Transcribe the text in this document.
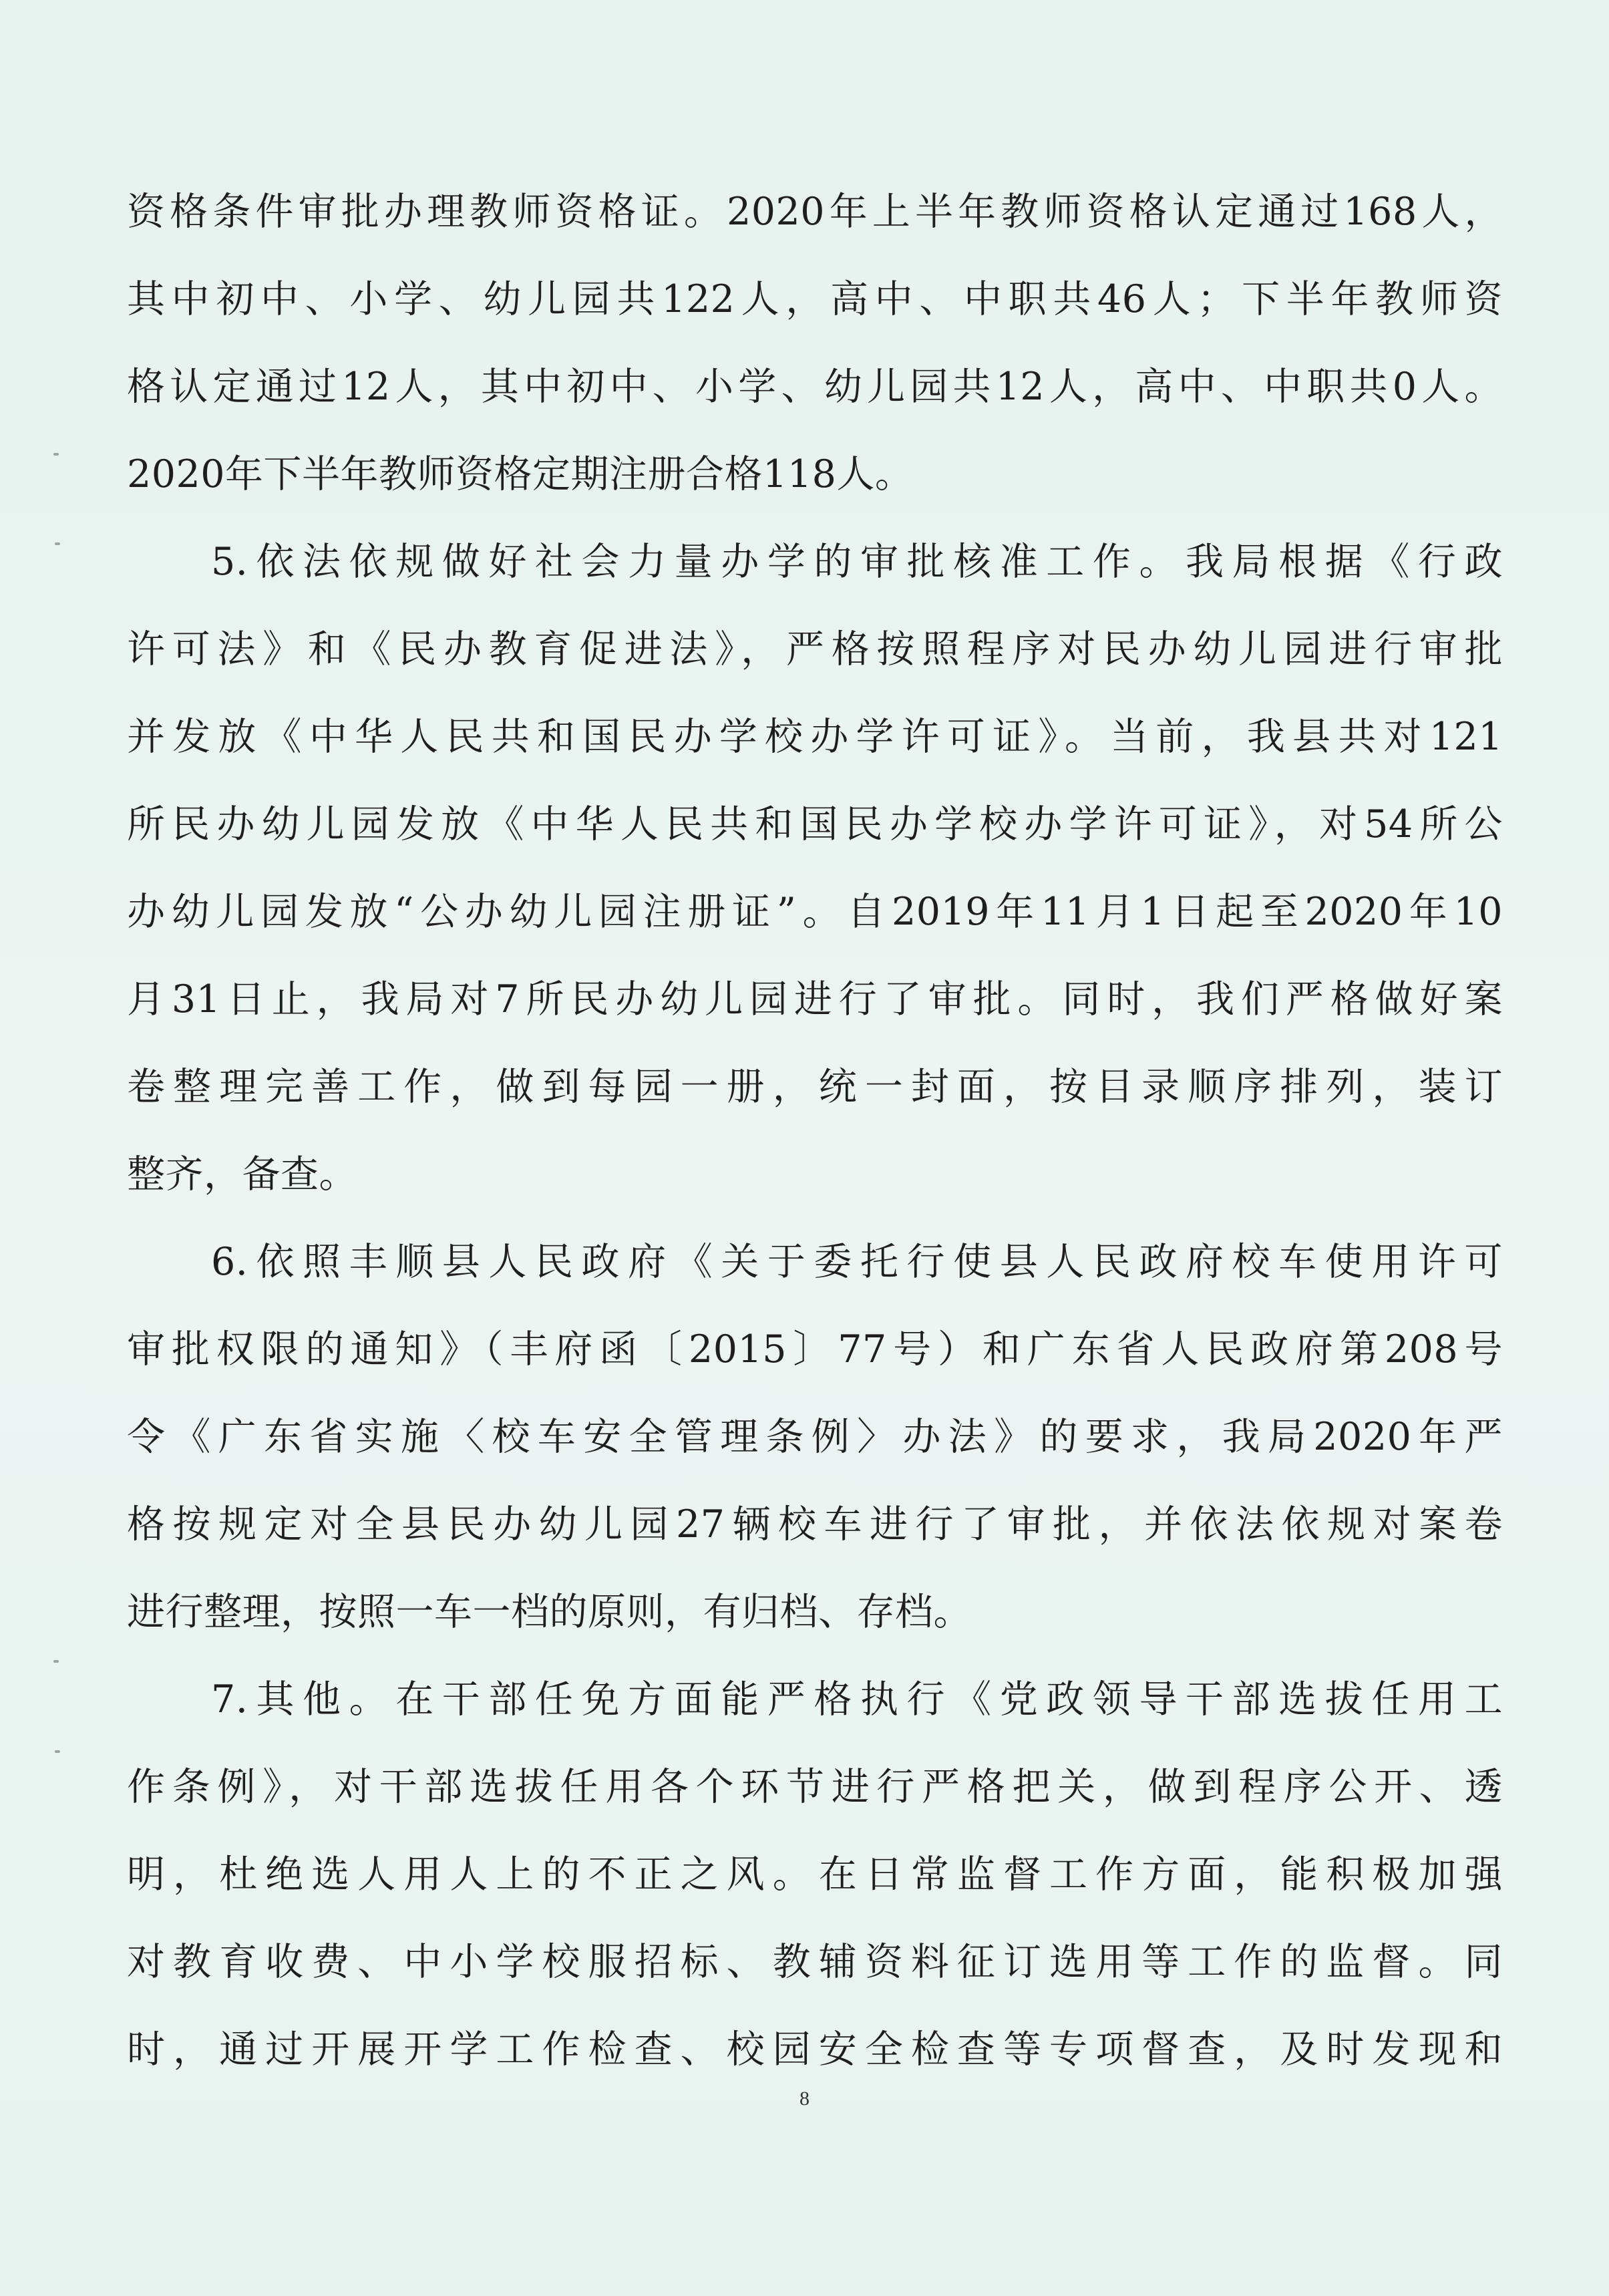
资格条件审批办理教师资格证。2020年上半年教师资格认定通过168人，
其中初中、小学、幼儿园共122人，高中、中职共46人；下半年教师资
格认定通过12人，其中初中、小学、幼儿园共12人，高中、中职共0人。
2020年下半年教师资格定期注册合格118人。
5.依法依规做好社会力量办学的审批核准工作。我局根据《行政
许可法》和《民办教育促进法》，严格按照程序对民办幼儿园进行审批
并发放《中华人民共和国民办学校办学许可证》。当前，我县共对121
所民办幼儿园发放《中华人民共和国民办学校办学许可证》，对54所公
办幼儿园发放“公办幼儿园注册证”。自2019年11月1日起至2020年10
月31日止，我局对7所民办幼儿园进行了审批。同时，我们严格做好案
卷整理完善工作，做到每园一册，统一封面，按目录顺序排列，装订
整齐，备查。
6.依照丰顺县人民政府《关于委托行使县人民政府校车使用许可
审批权限的通知》（丰府函〔2015〕77号）和广东省人民政府第208号
令《广东省实施〈校车安全管理条例〉办法》的要求，我局2020年严
格按规定对全县民办幼儿园27辆校车进行了审批，并依法依规对案卷
进行整理，按照一车一档的原则，有归档、存档。
7.其他。在干部任免方面能严格执行《党政领导干部选拔任用工
作条例》，对干部选拔任用各个环节进行严格把关，做到程序公开、透
明，杜绝选人用人上的不正之风。在日常监督工作方面，能积极加强
对教育收费、中小学校服招标、教辅资料征订选用等工作的监督。同
时，通过开展开学工作检查、校园安全检查等专项督查，及时发现和
8
